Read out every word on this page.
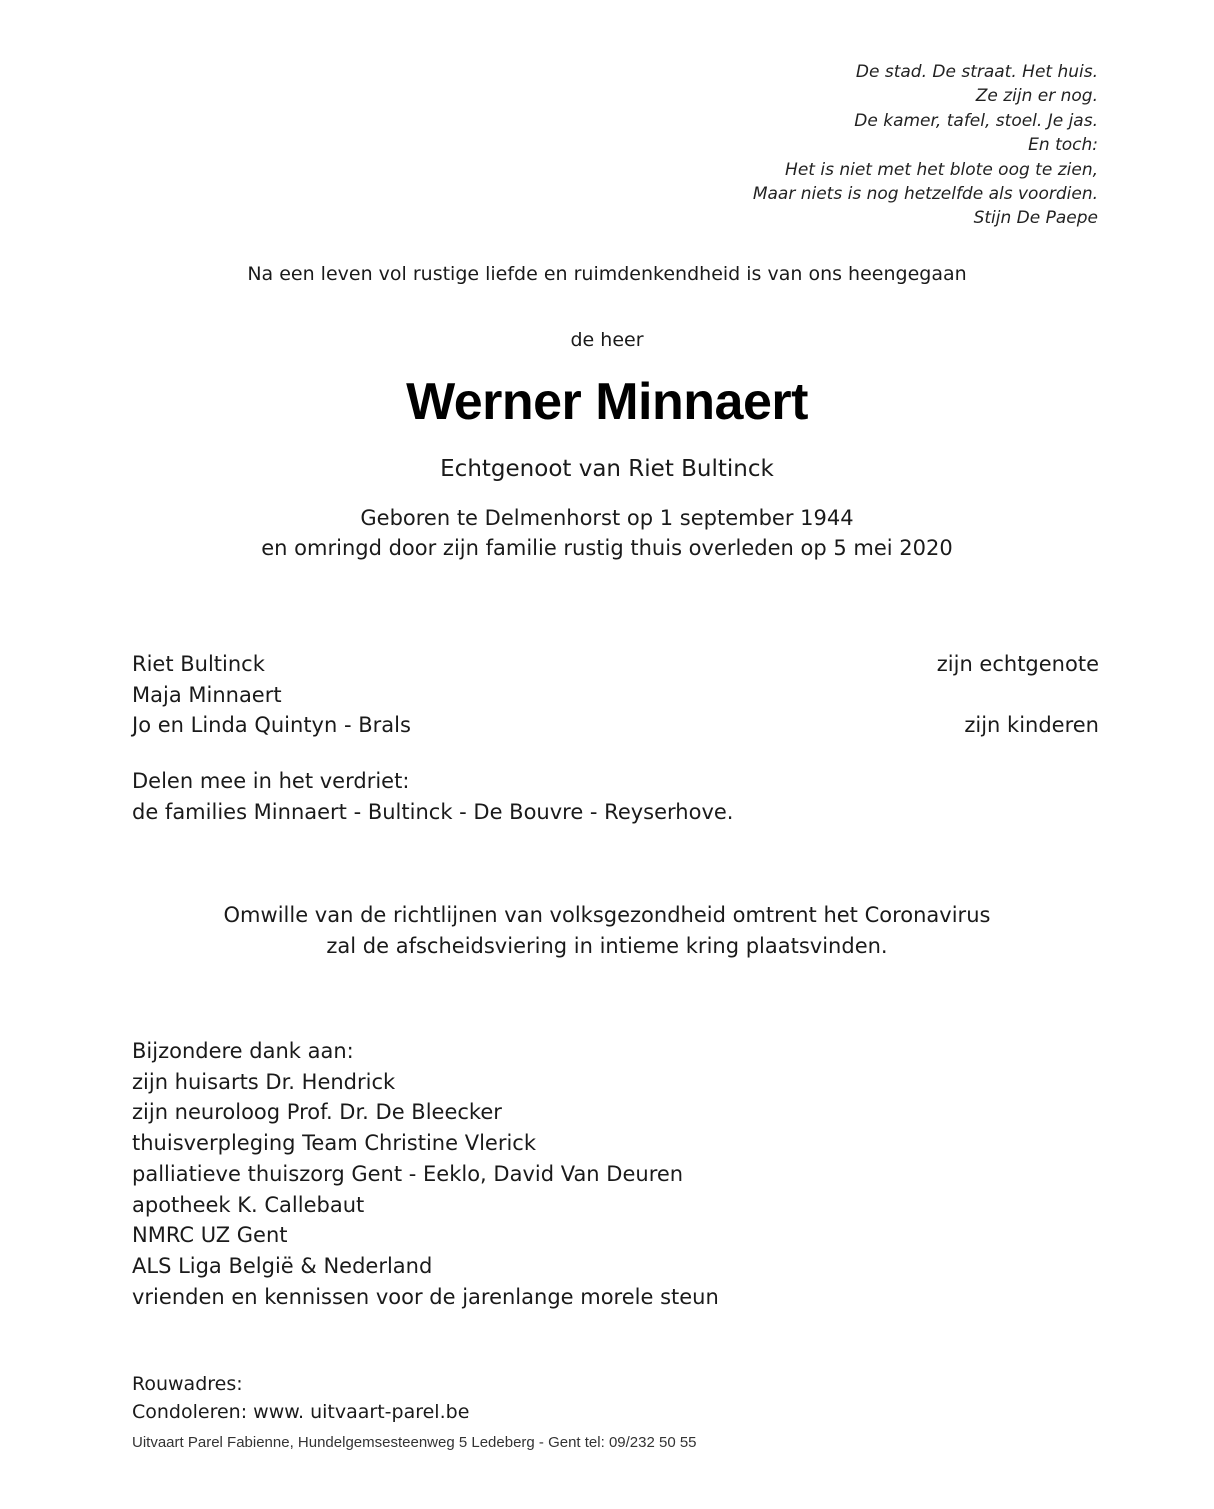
De stad. De straat. Het huis.
Ze zijn er nog.
De kamer, tafel, stoel. Je jas.
En toch:
Het is niet met het blote oog te zien,
Maar niets is nog hetzelfde als voordien.
Stijn De Paepe
Na een leven vol rustige liefde en ruimdenkendheid is van ons heengegaan
de heer
Werner Minnaert
Echtgenoot van Riet Bultinck
Geboren te Delmenhorst op 1 september 1944
en omringd door zijn familie rustig thuis overleden op 5 mei 2020
Riet Bultinck	zijn echtgenote
Maja Minnaert
Jo en Linda Quintyn - Brals	zijn kinderen
Delen mee in het verdriet:
de families Minnaert - Bultinck - De Bouvre - Reyserhove.
Omwille van de richtlijnen van volksgezondheid omtrent het Coronavirus
zal de afscheidsviering in intieme kring plaatsvinden.
Bijzondere dank aan:
zijn huisarts Dr. Hendrick
zijn neuroloog Prof. Dr. De Bleecker
thuisverpleging Team Christine Vlerick
palliatieve thuiszorg Gent - Eeklo, David Van Deuren
apotheek K. Callebaut
NMRC UZ Gent
ALS Liga België & Nederland
vrienden en kennissen voor de jarenlange morele steun
Rouwadres:
Condoleren: www. uitvaart-parel.be
Uitvaart Parel Fabienne, Hundelgemsesteenweg 5 Ledeberg - Gent tel: 09/232 50 55
